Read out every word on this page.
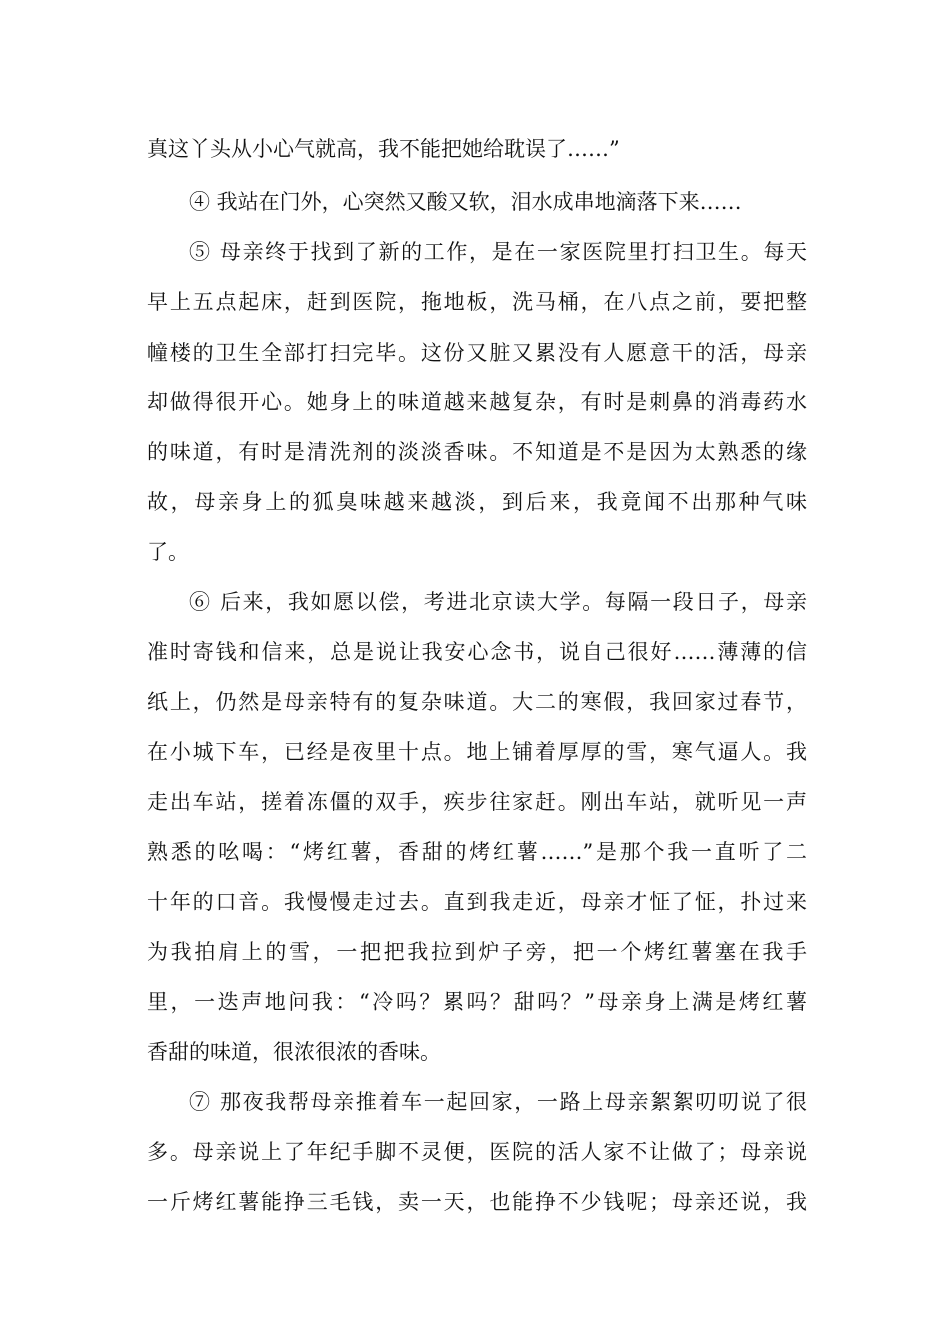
真这丫头从小心气就高，我不能把她给耽误了……”
④ 我站在门外，心突然又酸又软，泪水成串地滴落下来……
⑤ 母亲终于找到了新的工作，是在一家医院里打扫卫生。每天
早上五点起床，赶到医院，拖地板，洗马桶，在八点之前，要把整
幢楼的卫生全部打扫完毕。这份又脏又累没有人愿意干的活，母亲
却做得很开心。她身上的味道越来越复杂，有时是刺鼻的消毒药水
的味道，有时是清洗剂的淡淡香味。不知道是不是因为太熟悉的缘
故，母亲身上的狐臭味越来越淡，到后来，我竟闻不出那种气味
了。
⑥ 后来，我如愿以偿，考进北京读大学。每隔一段日子，母亲
准时寄钱和信来，总是说让我安心念书，说自己很好……薄薄的信
纸上，仍然是母亲特有的复杂味道。大二的寒假，我回家过春节，
在小城下车，已经是夜里十点。地上铺着厚厚的雪，寒气逼人。我
走出车站，搓着冻僵的双手，疾步往家赶。刚出车站，就听见一声
熟悉的吆喝：“烤红薯，香甜的烤红薯……”是那个我一直听了二
十年的口音。我慢慢走过去。直到我走近，母亲才怔了怔，扑过来
为我拍肩上的雪，一把把我拉到炉子旁，把一个烤红薯塞在我手
里，一迭声地问我：“冷吗？累吗？甜吗？”母亲身上满是烤红薯
香甜的味道，很浓很浓的香味。
⑦ 那夜我帮母亲推着车一起回家，一路上母亲絮絮叨叨说了很
多。母亲说上了年纪手脚不灵便，医院的活人家不让做了；母亲说
一斤烤红薯能挣三毛钱，卖一天，也能挣不少钱呢；母亲还说，我
